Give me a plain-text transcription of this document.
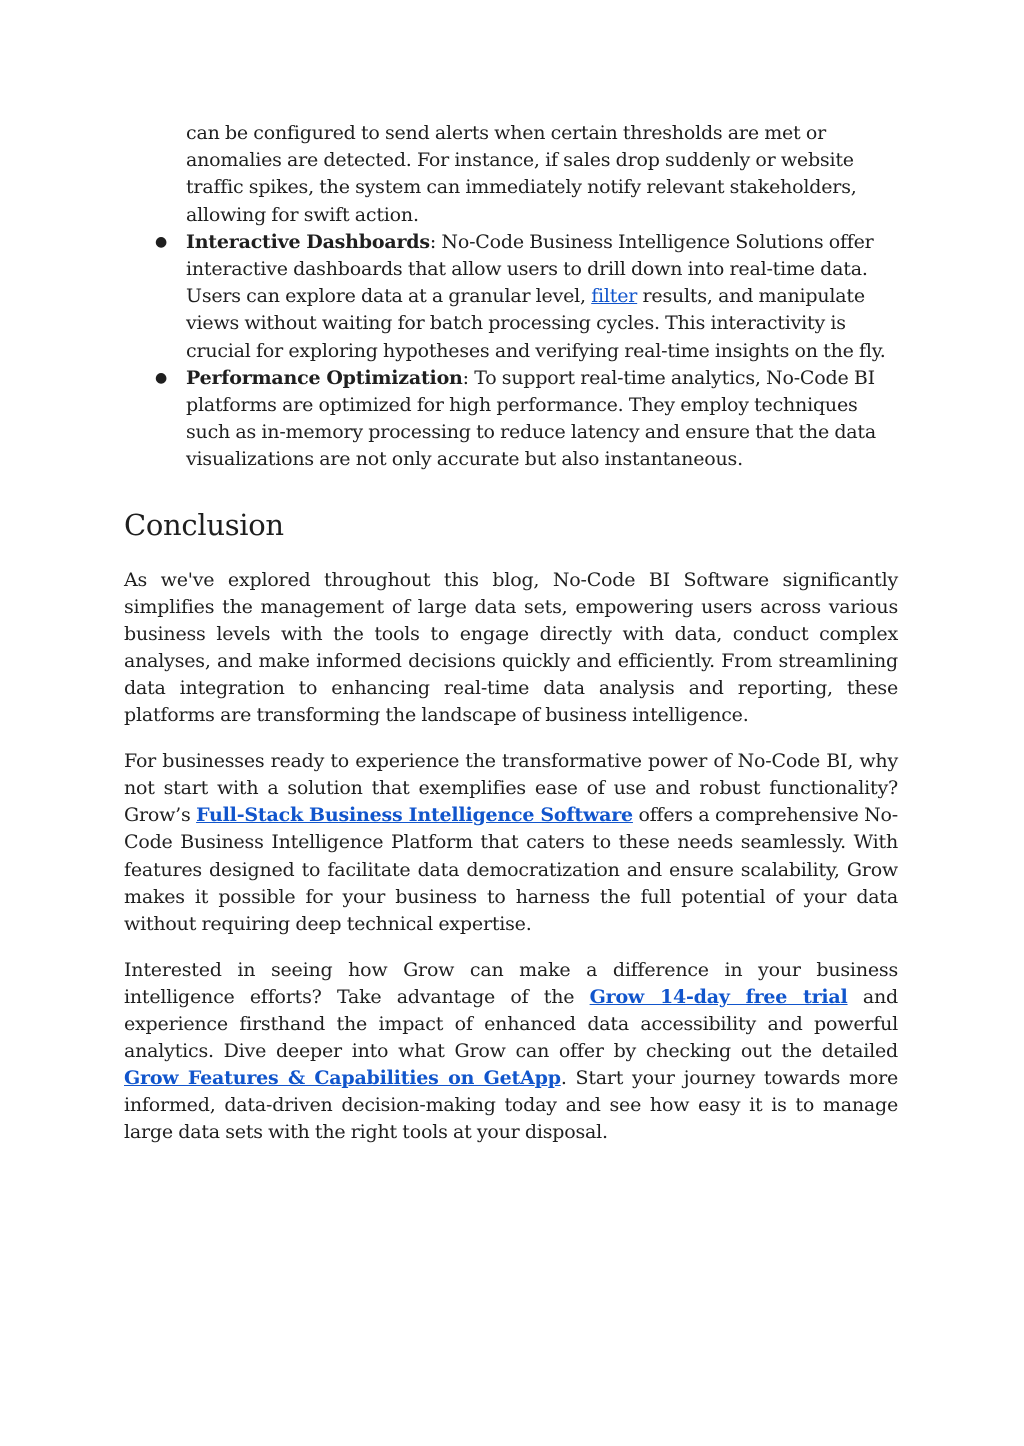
can be configured to send alerts when certain thresholds are met or anomalies are detected. For instance, if sales drop suddenly or website traffic spikes, the system can immediately notify relevant stakeholders, allowing for swift action.
● Interactive Dashboards: No-Code Business Intelligence Solutions offer interactive dashboards that allow users to drill down into real-time data. Users can explore data at a granular level, filter results, and manipulate views without waiting for batch processing cycles. This interactivity is crucial for exploring hypotheses and verifying real-time insights on the fly.
● Performance Optimization: To support real-time analytics, No-Code BI platforms are optimized for high performance. They employ techniques such as in-memory processing to reduce latency and ensure that the data visualizations are not only accurate but also instantaneous.
Conclusion

As we've explored throughout this blog, No-Code BI Software significantly simplifies the management of large data sets, empowering users across various business levels with the tools to engage directly with data, conduct complex analyses, and make informed decisions quickly and efficiently. From streamlining data integration to enhancing real-time data analysis and reporting, these platforms are transforming the landscape of business intelligence.

For businesses ready to experience the transformative power of No-Code BI, why not start with a solution that exemplifies ease of use and robust functionality? Grow’s Full-Stack Business Intelligence Software offers a comprehensive No-Code Business Intelligence Platform that caters to these needs seamlessly. With features designed to facilitate data democratization and ensure scalability, Grow makes it possible for your business to harness the full potential of your data without requiring deep technical expertise.

Interested in seeing how Grow can make a difference in your business intelligence efforts? Take advantage of the Grow 14-day free trial and experience firsthand the impact of enhanced data accessibility and powerful analytics. Dive deeper into what Grow can offer by checking out the detailed Grow Features & Capabilities on GetApp. Start your journey towards more informed, data-driven decision-making today and see how easy it is to manage large data sets with the right tools at your disposal.
